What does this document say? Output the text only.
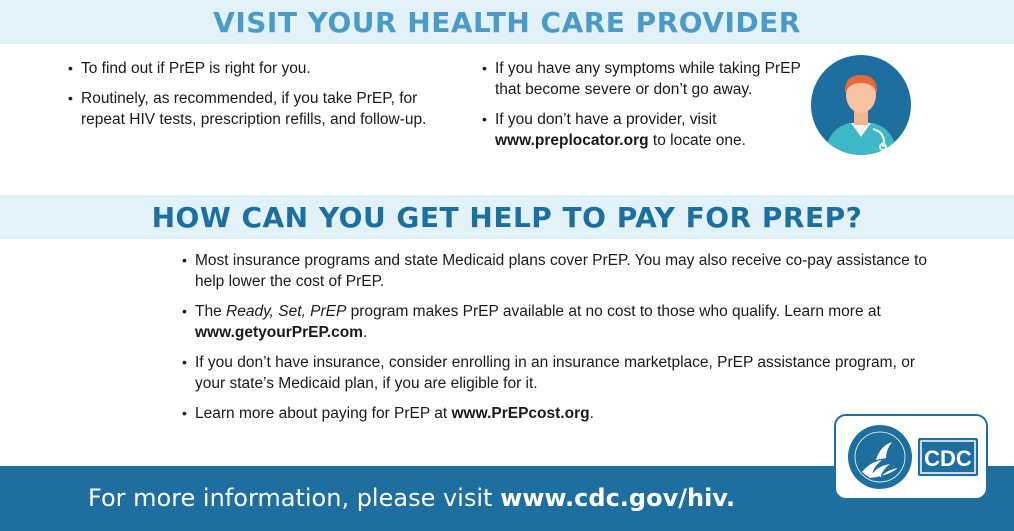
VISIT YOUR HEALTH CARE PROVIDER
• To find out if PrEP is right for you.
• Routinely, as recommended, if you take PrEP, for repeat HIV tests, prescription refills, and follow-up.
• If you have any symptoms while taking PrEP that become severe or don’t go away.
• If you don’t have a provider, visit www.preplocator.org to locate one.
HOW CAN YOU GET HELP TO PAY FOR PREP?
• Most insurance programs and state Medicaid plans cover PrEP. You may also receive co-pay assistance to help lower the cost of PrEP.
• The Ready, Set, PrEP program makes PrEP available at no cost to those who qualify. Learn more at www.getyourPrEP.com.
• If you don’t have insurance, consider enrolling in an insurance marketplace, PrEP assistance program, or your state’s Medicaid plan, if you are eligible for it.
• Learn more about paying for PrEP at www.PrEPcost.org.
For more information, please visit www.cdc.gov/hiv.
CDC
